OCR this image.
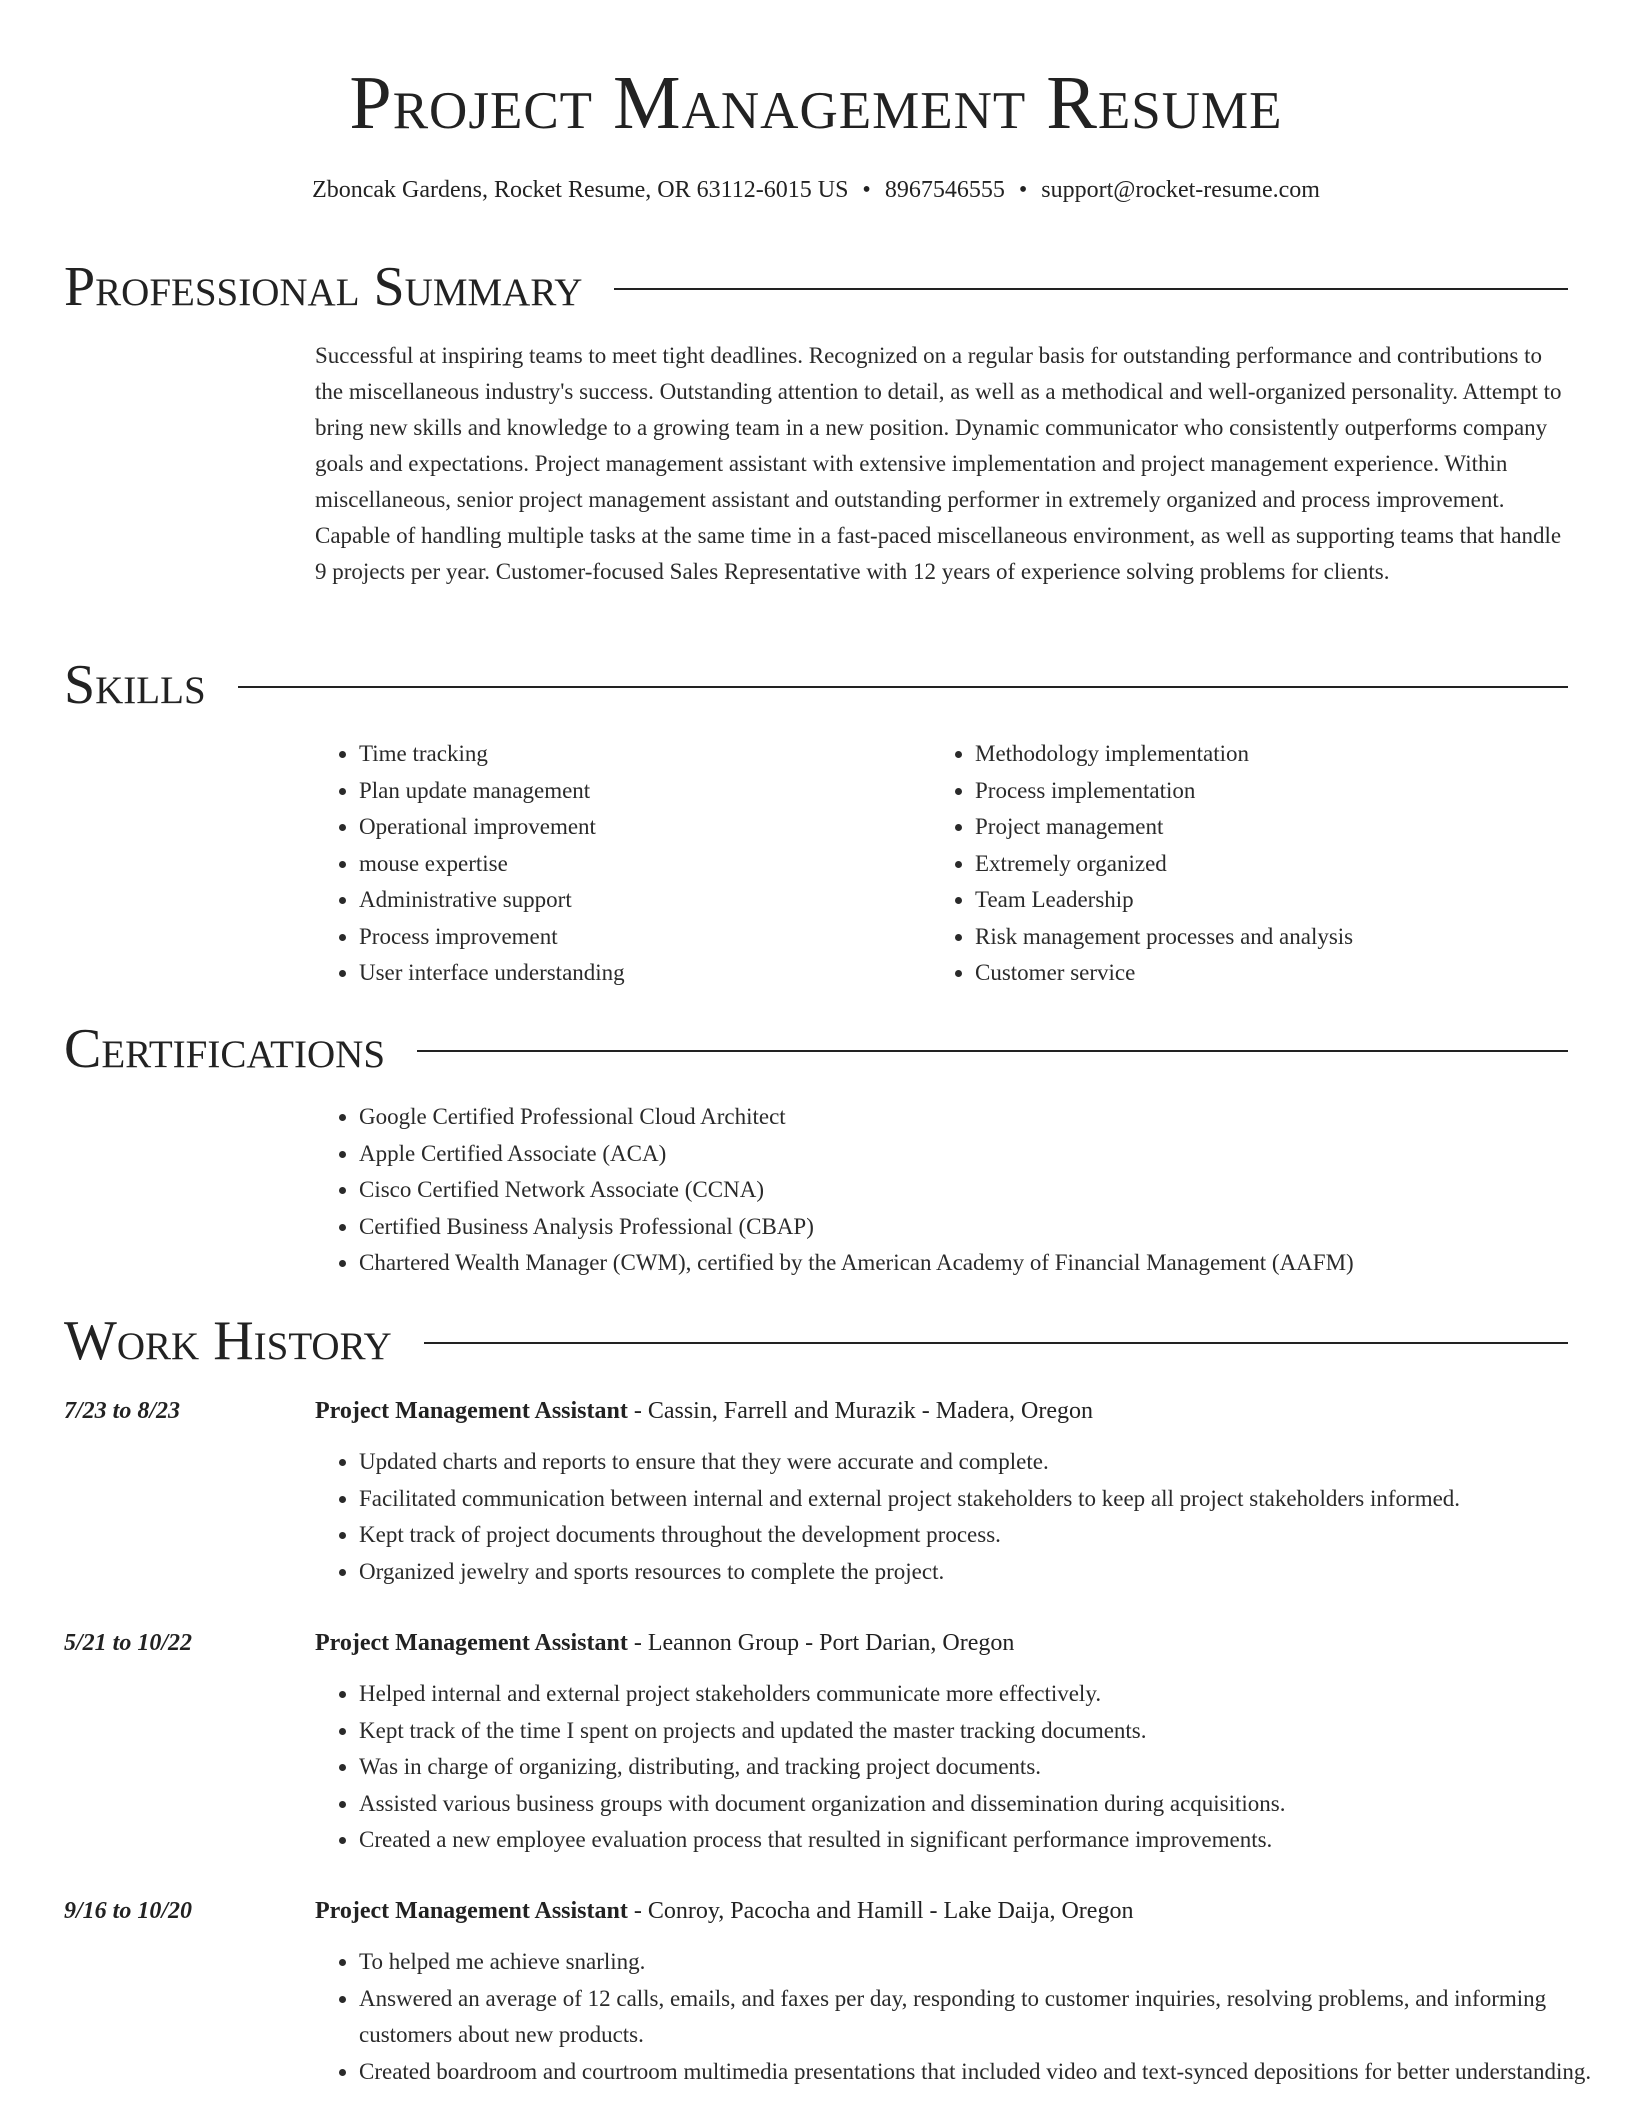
Project Management Resume
Zboncak Gardens, Rocket Resume, OR 63112-6015 US • 8967546555 • support@rocket-resume.com
Professional Summary

Successful at inspiring teams to meet tight deadlines. Recognized on a regular basis for outstanding performance and contributions to the miscellaneous industry's success. Outstanding attention to detail, as well as a methodical and well-organized personality. Attempt to bring new skills and knowledge to a growing team in a new position. Dynamic communicator who consistently outperforms company goals and expectations. Project management assistant with extensive implementation and project management experience. Within miscellaneous, senior project management assistant and outstanding performer in extremely organized and process improvement. Capable of handling multiple tasks at the same time in a fast-paced miscellaneous environment, as well as supporting teams that handle 9 projects per year. Customer-focused Sales Representative with 12 years of experience solving problems for clients.

Skills
• Time tracking
• Plan update management
• Operational improvement
• mouse expertise
• Administrative support
• Process improvement
• User interface understanding
• Methodology implementation
• Process implementation
• Project management
• Extremely organized
• Team Leadership
• Risk management processes and analysis
• Customer service
Certifications
• Google Certified Professional Cloud Architect
• Apple Certified Associate (ACA)
• Cisco Certified Network Associate (CCNA)
• Certified Business Analysis Professional (CBAP)
• Chartered Wealth Manager (CWM), certified by the American Academy of Financial Management (AAFM)
Work History
7/23 to 8/23	Project Management Assistant - Cassin, Farrell and Murazik - Madera, Oregon
• Updated charts and reports to ensure that they were accurate and complete.
• Facilitated communication between internal and external project stakeholders to keep all project stakeholders informed.
• Kept track of project documents throughout the development process.
• Organized jewelry and sports resources to complete the project.
5/21 to 10/22	Project Management Assistant - Leannon Group - Port Darian, Oregon
• Helped internal and external project stakeholders communicate more effectively.
• Kept track of the time I spent on projects and updated the master tracking documents.
• Was in charge of organizing, distributing, and tracking project documents.
• Assisted various business groups with document organization and dissemination during acquisitions.
• Created a new employee evaluation process that resulted in significant performance improvements.
9/16 to 10/20	Project Management Assistant - Conroy, Pacocha and Hamill - Lake Daija, Oregon
• To helped me achieve snarling.
• Answered an average of 12 calls, emails, and faxes per day, responding to customer inquiries, resolving problems, and informing customers about new products.
• Created boardroom and courtroom multimedia presentations that included video and text-synced depositions for better understanding.
